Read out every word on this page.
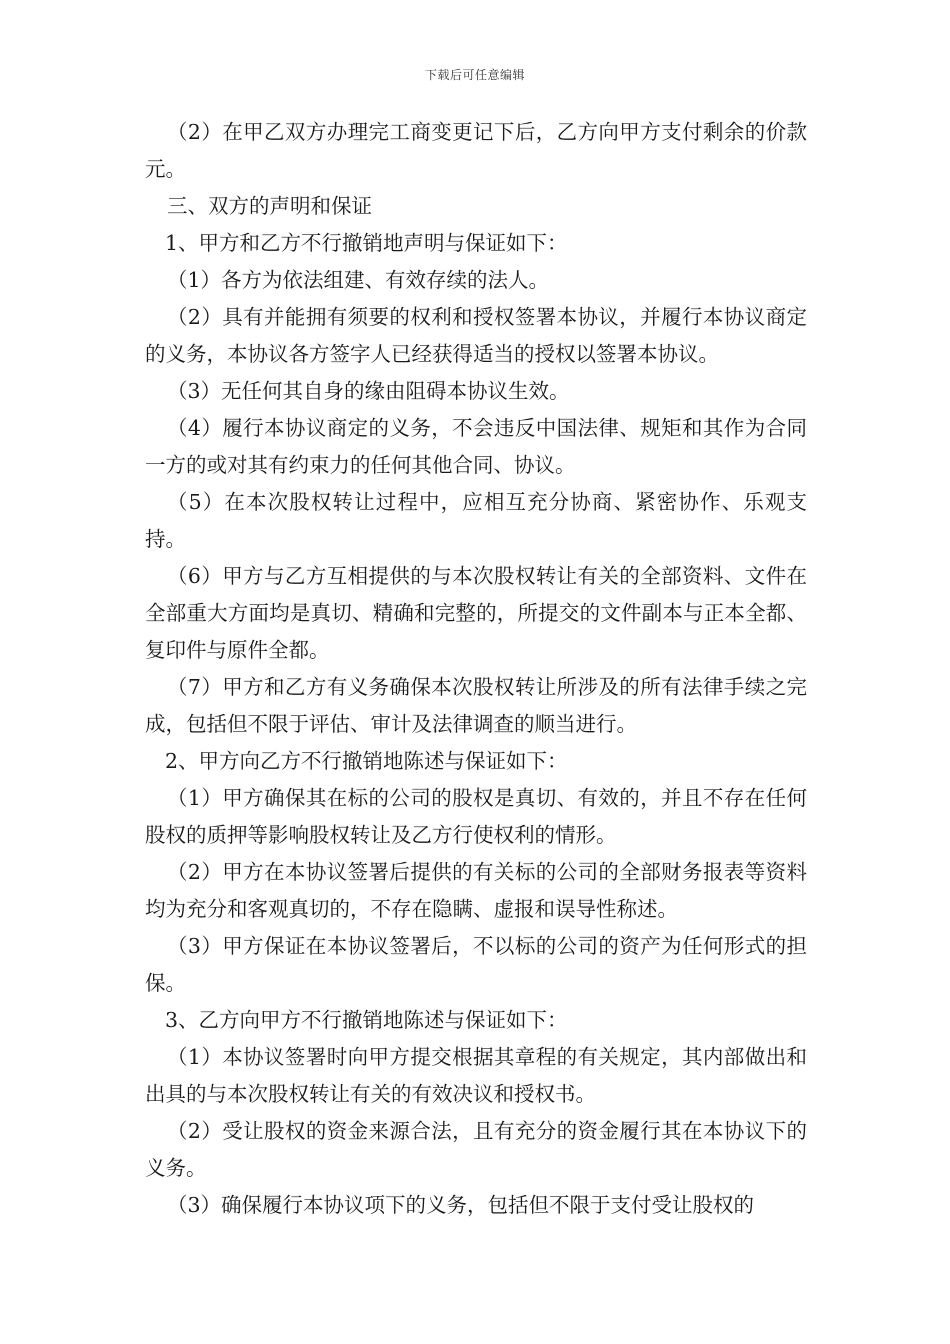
下载后可任意编辑

（2）在甲乙双方办理完工商变更记下后，乙方向甲方支付剩余的价款 元。

三、双方的声明和保证

1、甲方和乙方不行撤销地声明与保证如下：

（1）各方为依法组建、有效存续的法人。

（2）具有并能拥有须要的权利和授权签署本协议，并履行本协议商定的义务，本协议各方签字人已经获得适当的授权以签署本协议。

（3）无任何其自身的缘由阻碍本协议生效。

（4）履行本协议商定的义务，不会违反中国法律、规矩和其作为合同一方的或对其有约束力的任何其他合同、协议。

（5）在本次股权转让过程中，应相互充分协商、紧密协作、乐观支持。

（6）甲方与乙方互相提供的与本次股权转让有关的全部资料、文件在全部重大方面均是真切、精确和完整的，所提交的文件副本与正本全都、复印件与原件全都。

（7）甲方和乙方有义务确保本次股权转让所涉及的所有法律手续之完成，包括但不限于评估、审计及法律调查的顺当进行。

2、甲方向乙方不行撤销地陈述与保证如下：

（1）甲方确保其在标的公司的股权是真切、有效的，并且不存在任何股权的质押等影响股权转让及乙方行使权利的情形。

（2）甲方在本协议签署后提供的有关标的公司的全部财务报表等资料均为充分和客观真切的，不存在隐瞒、虚报和误导性称述。

（3）甲方保证在本协议签署后，不以标的公司的资产为任何形式的担保。

3、乙方向甲方不行撤销地陈述与保证如下：

（1）本协议签署时向甲方提交根据其章程的有关规定，其内部做出和出具的与本次股权转让有关的有效决议和授权书。

（2）受让股权的资金来源合法，且有充分的资金履行其在本协议下的义务。

（3）确保履行本协议项下的义务，包括但不限于支付受让股权的
